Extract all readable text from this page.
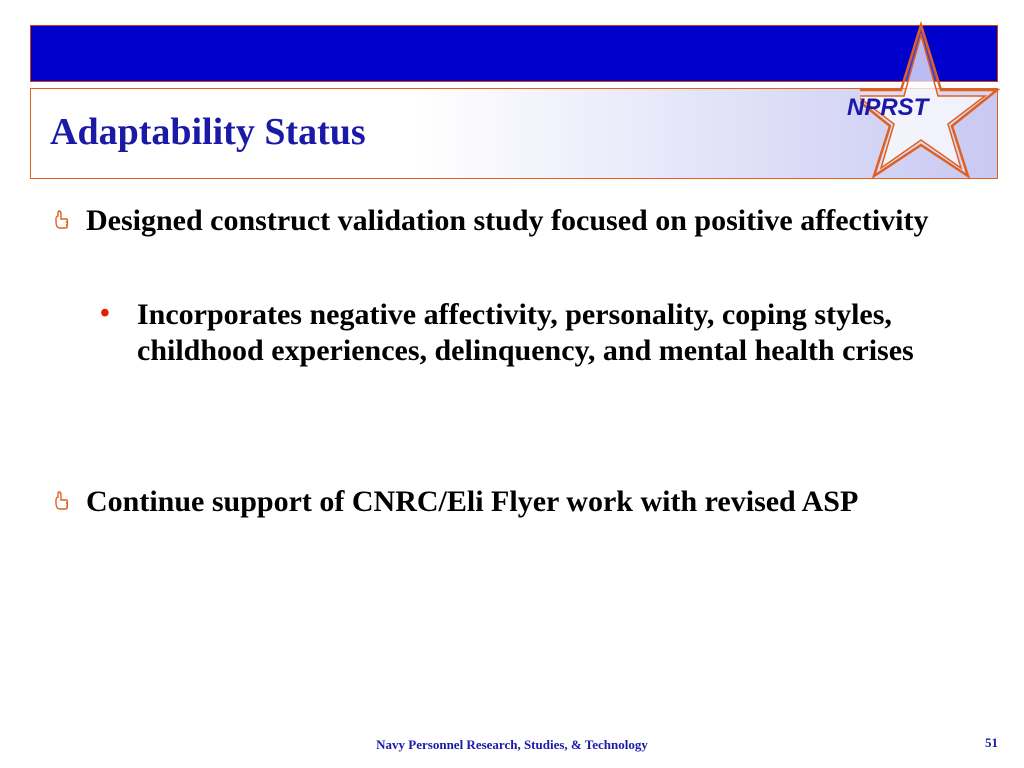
NPRST
Adaptability Status
Designed construct validation study focused on positive affectivity
• Incorporates negative affectivity, personality, coping styles, childhood experiences, delinquency, and mental health crises
Continue support of CNRC/Eli Flyer work with revised ASP
Navy Personnel Research, Studies, & Technology	51
